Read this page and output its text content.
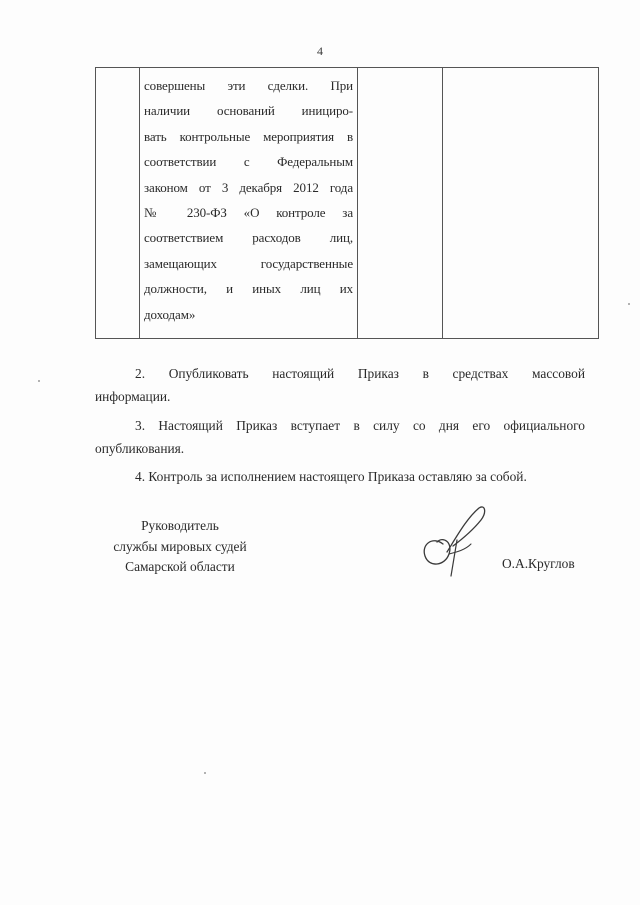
4

совершены эти сделки. При
наличии оснований инициро-
вать контрольные мероприятия в
соответствии с Федеральным
законом от 3 декабря 2012 года
№ 230-ФЗ «О контроле за
соответствием расходов лиц,
замещающих государственные
должности, и иных лиц их
доходам»

2. Опубликовать настоящий Приказ в средствах массовой
информации.
3. Настоящий Приказ вступает в силу со дня его официального
опубликования.
4. Контроль за исполнением настоящего Приказа оставляю за собой.
Руководитель
службы мировых судей
Самарской области	О.А.Круглов
